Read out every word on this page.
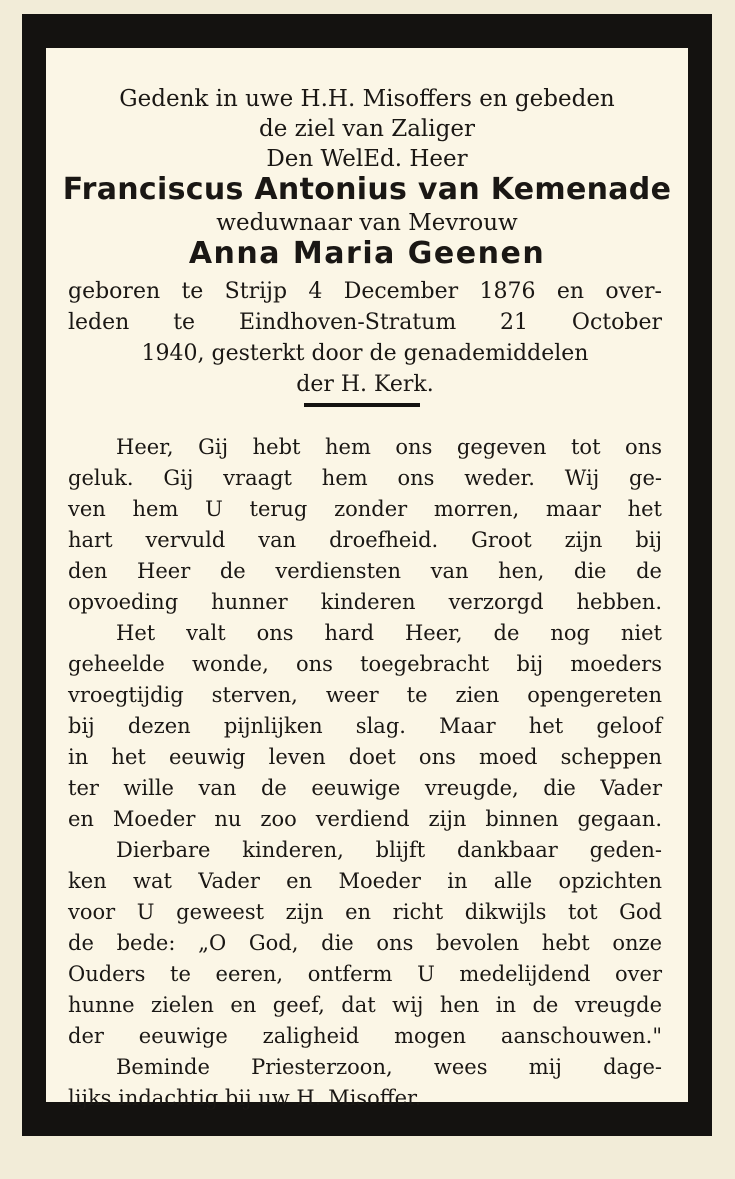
Gedenk in uwe H.H. Misoffers en gebeden
de ziel van Zaliger
Den WelEd. Heer
Franciscus Antonius van Kemenade
weduwnaar van Mevrouw
Anna Maria Geenen
geboren te Strijp 4 December 1876 en over-
leden te Eindhoven-Stratum 21 October
1940, gesterkt door de genademiddelen
der H. Kerk.
Heer, Gij hebt hem ons gegeven tot ons
geluk. Gij vraagt hem ons weder. Wij ge-
ven hem U terug zonder morren, maar het
hart vervuld van droefheid. Groot zijn bij
den Heer de verdiensten van hen, die de
opvoeding hunner kinderen verzorgd hebben.
Het valt ons hard Heer, de nog niet
geheelde wonde, ons toegebracht bij moeders
vroegtijdig sterven, weer te zien opengereten
bij dezen pijnlijken slag. Maar het geloof
in het eeuwig leven doet ons moed scheppen
ter wille van de eeuwige vreugde, die Vader
en Moeder nu zoo verdiend zijn binnen gegaan.
Dierbare kinderen, blijft dankbaar geden-
ken wat Vader en Moeder in alle opzichten
voor U geweest zijn en richt dikwijls tot God
de bede: „O God, die ons bevolen hebt onze
Ouders te eeren, ontferm U medelijdend over
hunne zielen en geef, dat wij hen in de vreugde
der eeuwige zaligheid mogen aanschouwen."
Beminde Priesterzoon, wees mij dage-
lijks indachtig bij uw H. Misoffer.
